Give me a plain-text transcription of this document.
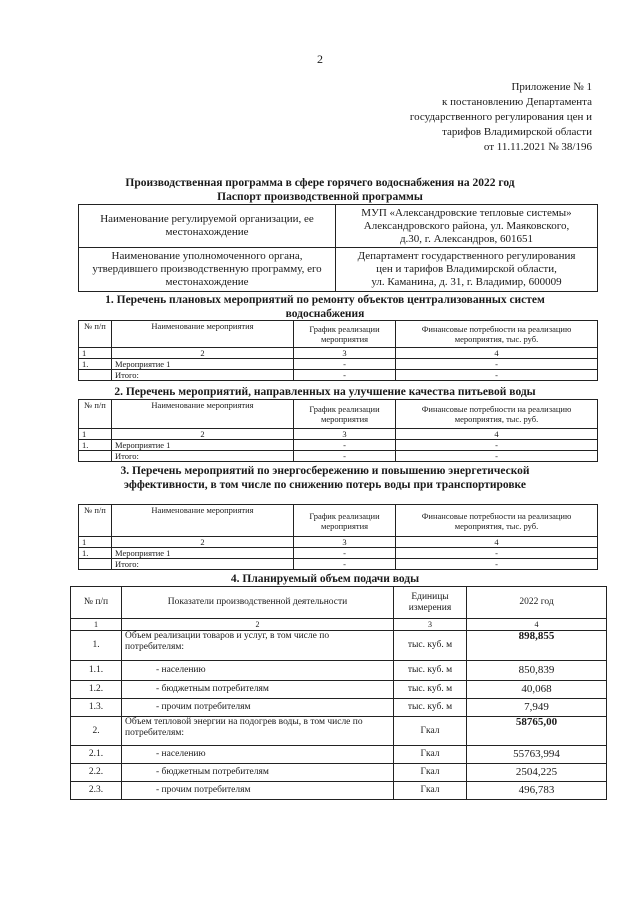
2
Приложение № 1
к постановлению Департамента
государственного регулирования цен и
тарифов Владимирской области
от 11.11.2021 № 38/196
Производственная программа в сфере горячего водоснабжения на 2022 год
Паспорт производственной программы
Наименование регулируемой организации, ее местонахождение	МУП «Александровские тепловые системы»
Александровского района, ул. Маяковского,
д.30, г. Александров, 601651

Наименование уполномоченного органа, утвердившего производственную программу, его местонахождение	Департамент государственного регулирования
цен и тарифов Владимирской области,
ул. Каманина, д. 31, г. Владимир, 600009
1. Перечень плановых мероприятий по ремонту объектов централизованных систем
водоснабжения
№ п/п	Наименование мероприятия	График реализации мероприятия	Финансовые потребности на реализацию мероприятия, тыс. руб.
1	2	3	4
1.	Мероприятие 1	-	-
	Итого:	-	-
2. Перечень мероприятий, направленных на улучшение качества питьевой воды
№ п/п	Наименование мероприятия	График реализации мероприятия	Финансовые потребности на реализацию мероприятия, тыс. руб.
1	2	3	4
1.	Мероприятие 1	-	-
	Итого:	-	-
3. Перечень мероприятий по энергосбережению и повышению энергетической
эффективности, в том числе по снижению потерь воды при транспортировке
№ п/п	Наименование мероприятия	График реализации мероприятия	Финансовые потребности на реализацию мероприятия, тыс. руб.
1	2	3	4
1.	Мероприятие 1	-	-
	Итого:	-	-
4. Планируемый объем подачи воды
№ п/п	Показатели производственной деятельности	Единицы измерения	2022 год
1	2	3	4
1.	Объем реализации товаров и услуг, в том числе по потребителям:	тыс. куб. м	898,855
1.1.	- населению	тыс. куб. м	850,839
1.2.	- бюджетным потребителям	тыс. куб. м	40,068
1.3.	- прочим потребителям	тыс. куб. м	7,949
2.	Объем тепловой энергии на подогрев воды, в том числе по потребителям:	Гкал	58765,00
2.1.	- населению	Гкал	55763,994
2.2.	- бюджетным потребителям	Гкал	2504,225
2.3.	- прочим потребителям	Гкал	496,783
